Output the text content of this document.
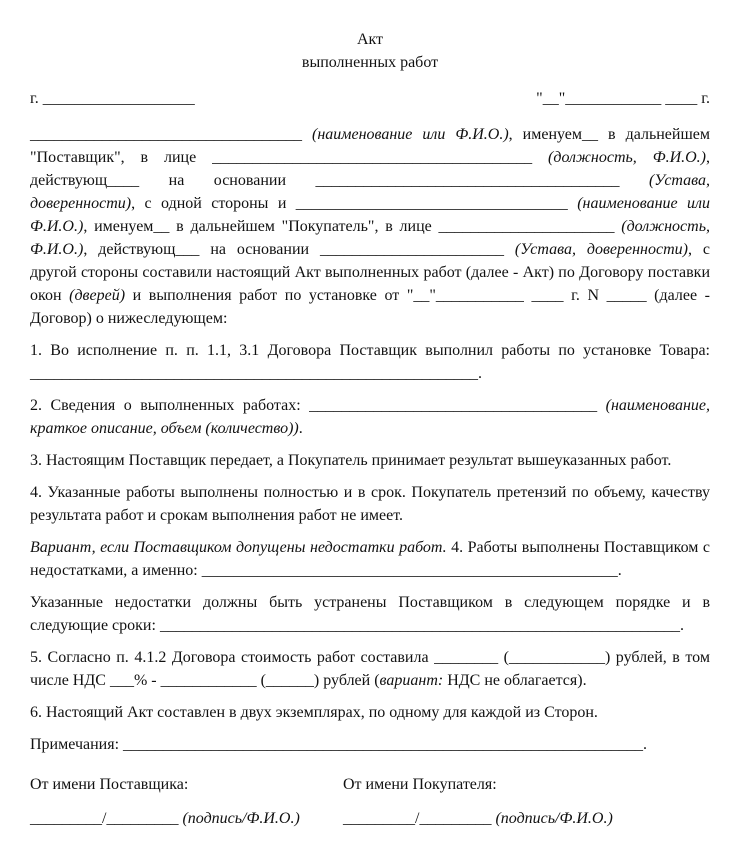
Акт
выполненных работ
г. ___________________	"__"____________ ____ г.

__________________________________ (наименование или Ф.И.О.), именуем__ в дальнейшем "Поставщик", в лице ________________________________________ (должность, Ф.И.О.), действующ____ на основании ______________________________________ (Устава, доверенности), с одной стороны и __________________________________ (наименование или Ф.И.О.), именуем__ в дальнейшем "Покупатель", в лице ______________________ (должность, Ф.И.О.), действующ___ на основании _______________________ (Устава, доверенности), с другой стороны составили настоящий Акт выполненных работ (далее - Акт) по Договору поставки окон (дверей) и выполнения работ по установке от "__"___________ ____ г. N _____ (далее - Договор) о нижеследующем:

1. Во исполнение п. п. 1.1, 3.1 Договора Поставщик выполнил работы по установке Товара: ________________________________________________________.

2. Сведения о выполненных работах: ____________________________________ (наименование, краткое описание, объем (количество)).

3. Настоящим Поставщик передает, а Покупатель принимает результат вышеуказанных работ.

4. Указанные работы выполнены полностью и в срок. Покупатель претензий по объему, качеству результата работ и срокам выполнения работ не имеет.

Вариант, если Поставщиком допущены недостатки работ. 4. Работы выполнены Поставщиком с недостатками, а именно: ____________________________________________________.

Указанные недостатки должны быть устранены Поставщиком в следующем порядке и в следующие сроки: _________________________________________________________________.

5. Согласно п. 4.1.2 Договора стоимость работ составила ________ (____________) рублей, в том числе НДС ___% - ____________ (______) рублей (вариант: НДС не облагается).

6. Настоящий Акт составлен в двух экземплярах, по одному для каждой из Сторон.

Примечания: _________________________________________________________________.

От имени Поставщика:
_________/_________ (подпись/Ф.И.О.)
От имени Покупателя:
_________/_________ (подпись/Ф.И.О.)
